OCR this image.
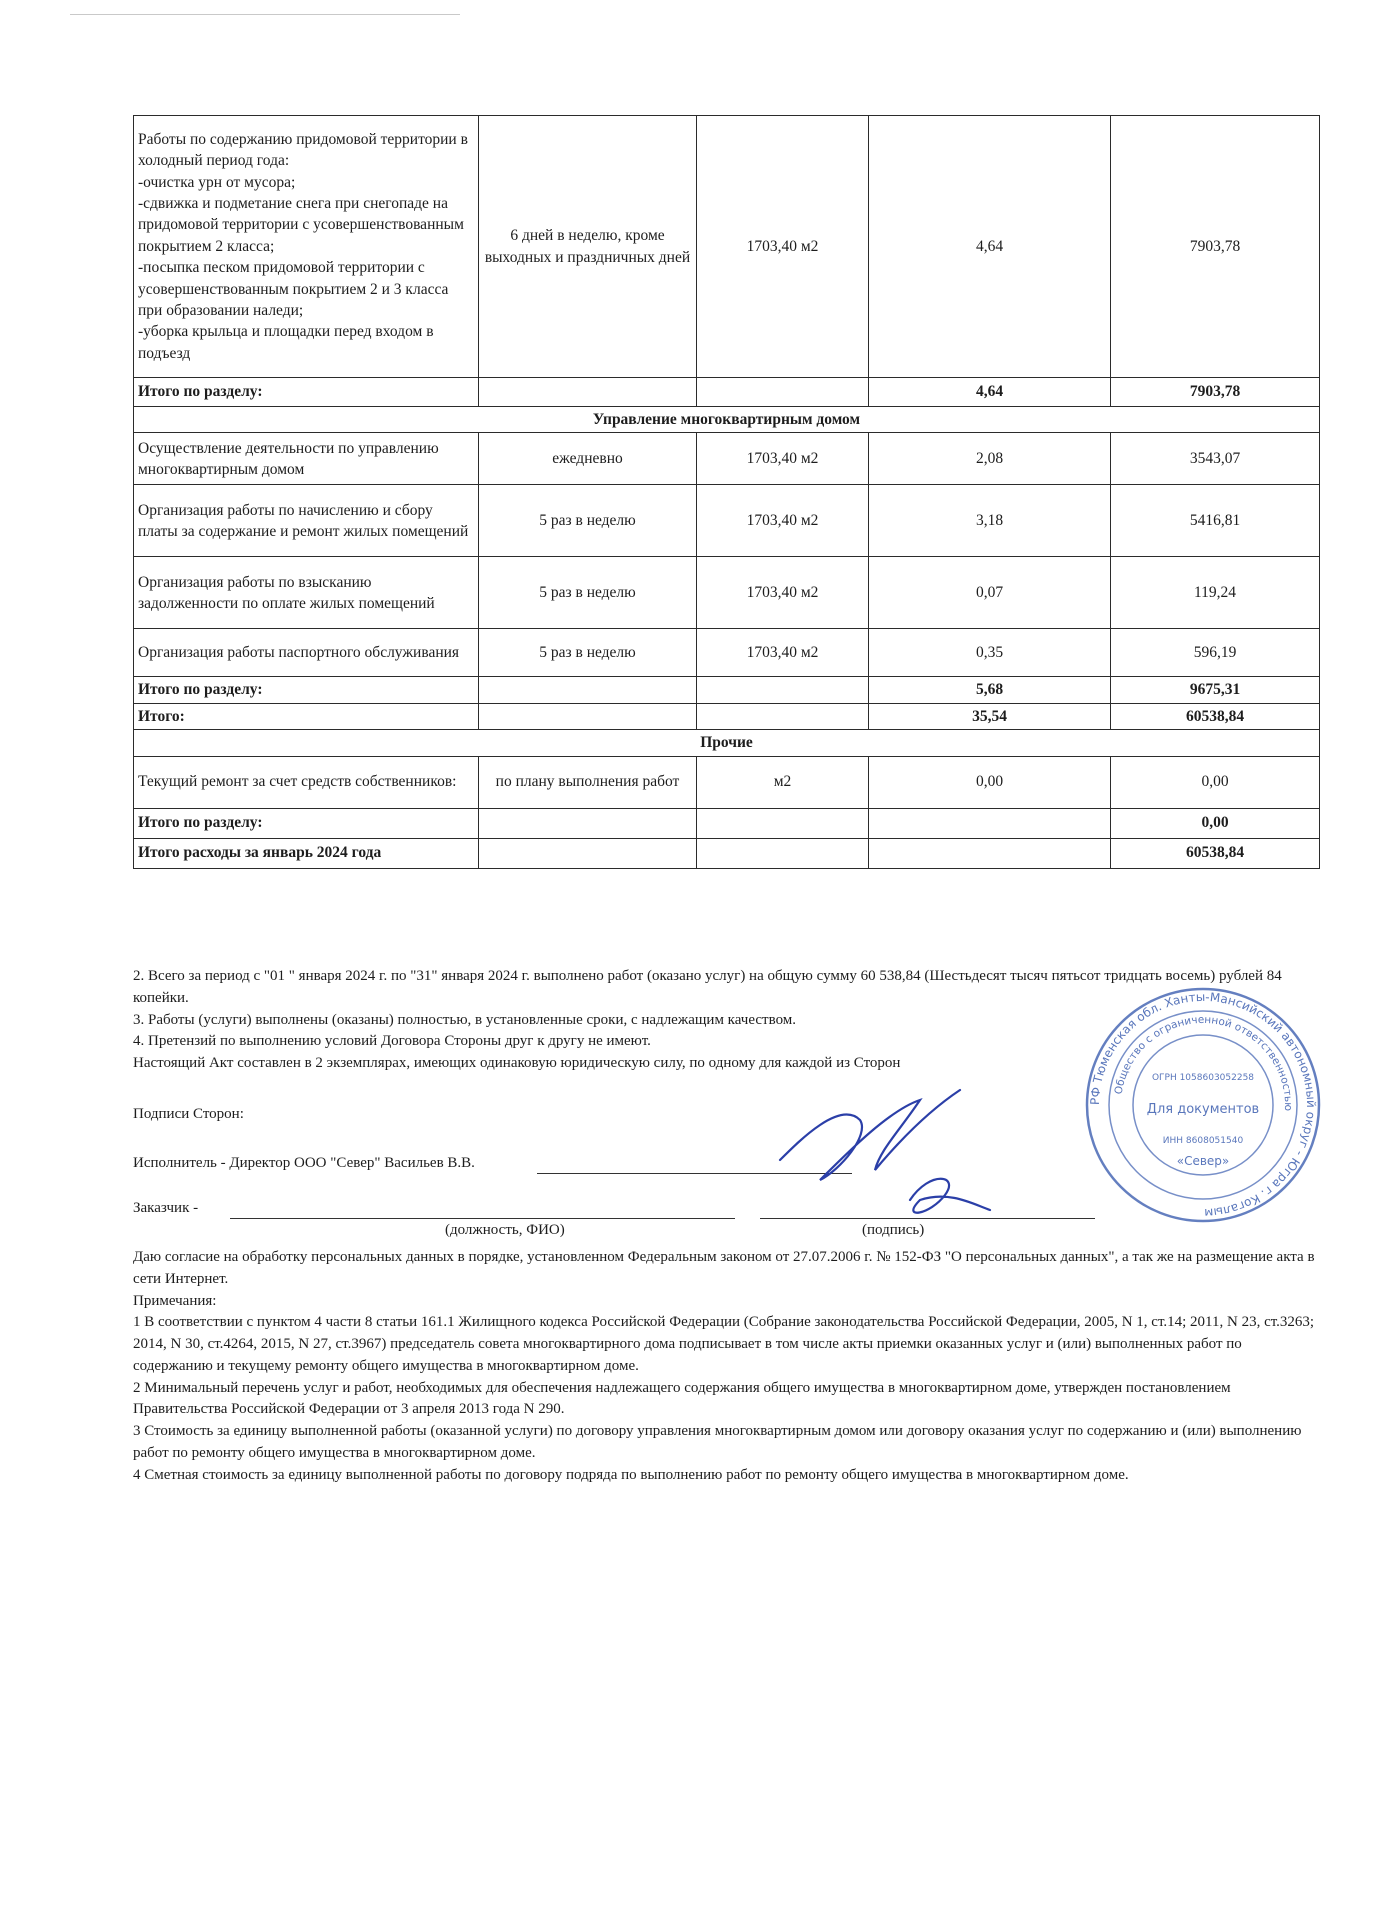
Работы по содержанию придомовой территории в холодный период года:
-очистка урн от мусора;
-сдвижка и подметание снега при снегопаде на придомовой территории с усовершенствованным покрытием 2 класса;
-посыпка песком придомовой территории с усовершенствованным покрытием 2 и 3 класса при образовании наледи;
-уборка крыльца и площадки перед входом в подъезд	6 дней в неделю, кроме выходных и праздничных дней	1703,40 м2	4,64	7903,78
Итого по разделу:			4,64	7903,78
Управление многоквартирным домом				
Осуществление деятельности по управлению многоквартирным домом	ежедневно	1703,40 м2	2,08	3543,07
Организация работы по начислению и сбору платы за содержание и ремонт жилых помещений	5 раз в неделю	1703,40 м2	3,18	5416,81
Организация работы по взысканию задолженности по оплате жилых помещений	5 раз в неделю	1703,40 м2	0,07	119,24
Организация работы паспортного обслуживания	5 раз в неделю	1703,40 м2	0,35	596,19
Итого по разделу:			5,68	9675,31
Итого:			35,54	60538,84
Прочие				
Текущий ремонт за счет средств собственников:	по плану выполнения работ	м2	0,00	0,00
Итого по разделу:				0,00
Итого расходы за январь 2024 года				60538,84

2. Всего за период с "01 " января 2024 г. по "31" января 2024 г. выполнено работ (оказано услуг) на общую сумму 60 538,84 (Шестьдесят тысяч пятьсот тридцать восемь) рублей 84 копейки.

3. Работы (услуги) выполнены (оказаны) полностью, в установленные сроки, с надлежащим качеством.

4. Претензий по выполнению условий Договора Стороны друг к другу не имеют.

Настоящий Акт составлен в 2 экземплярах, имеющих одинаковую юридическую силу, по одному для каждой из Сторон

Подписи Сторон:
Исполнитель - Директор ООО "Север" Васильев В.В.
Заказчик -
(должность, ФИО)	(подпись)
РФ Тюменская обл. Ханты-Мансийский автономный округ - Югра г. Когалым
Общество с ограниченной ответственностью
ОГРН 1058603052258
Для документов
ИНН 8608051540
«Север»

Даю согласие на обработку персональных данных в порядке, установленном Федеральным законом от 27.07.2006 г. № 152-ФЗ "О персональных данных", а так же на размещение акта в сети Интернет.

Примечания:

1 В соответствии с пунктом 4 части 8 статьи 161.1 Жилищного кодекса Российской Федерации (Собрание законодательства Российской Федерации, 2005, N 1, ст.14; 2011, N 23, ст.3263; 2014, N 30, ст.4264, 2015, N 27, ст.3967) председатель совета многоквартирного дома подписывает в том числе акты приемки оказанных услуг и (или) выполненных работ по содержанию и текущему ремонту общего имущества в многоквартирном доме.

2 Минимальный перечень услуг и работ, необходимых для обеспечения надлежащего содержания общего имущества в многоквартирном доме, утвержден постановлением Правительства Российской Федерации от 3 апреля 2013 года N 290.

3 Стоимость за единицу выполненной работы (оказанной услуги) по договору управления многоквартирным домом или договору оказания услуг по содержанию и (или) выполнению работ по ремонту общего имущества в многоквартирном доме.

4 Сметная стоимость за единицу выполненной работы по договору подряда по выполнению работ по ремонту общего имущества в многоквартирном доме.
